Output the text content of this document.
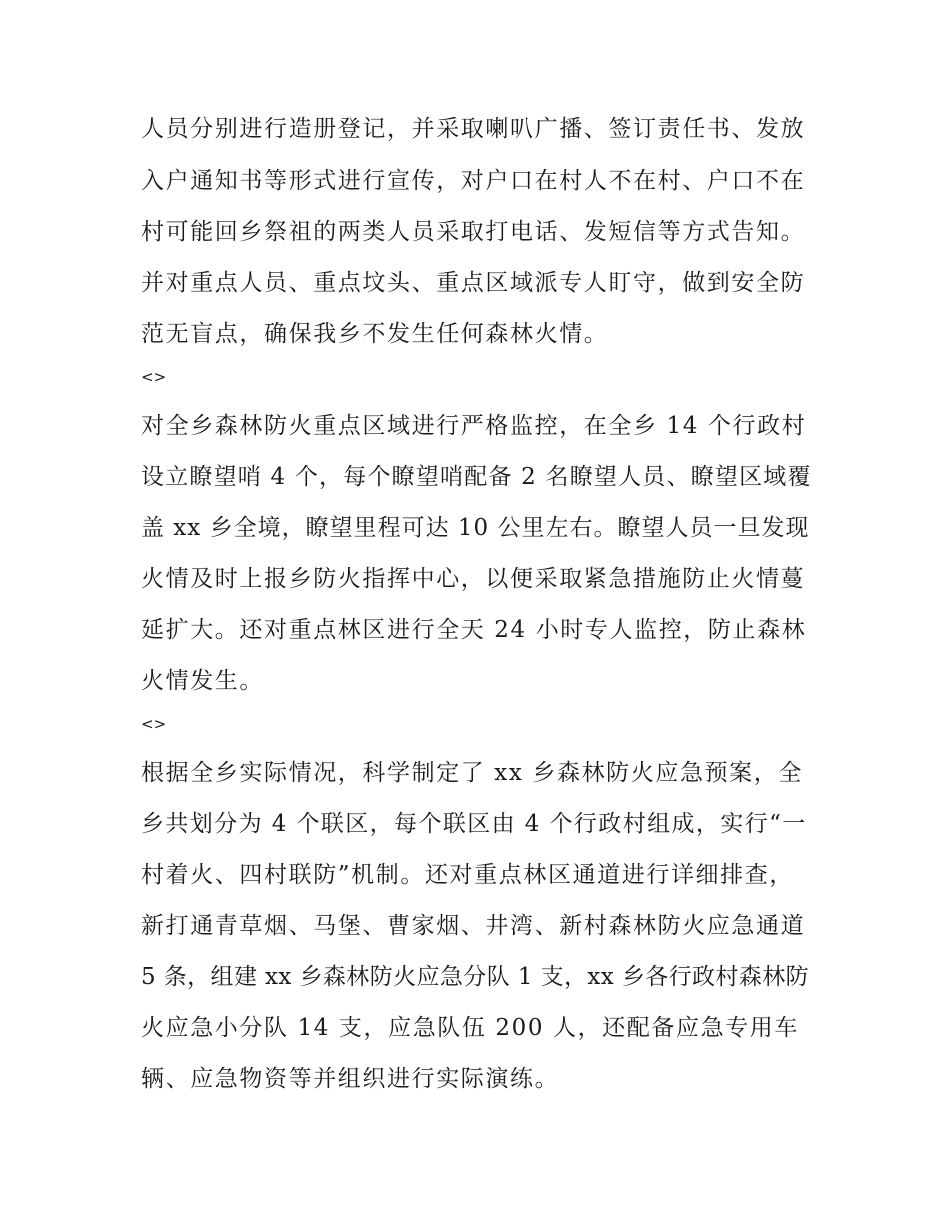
人员分别进行造册登记，并采取喇叭广播、签订责任书、发放

入户通知书等形式进行宣传，对户口在村人不在村、户口不在

村可能回乡祭祖的两类人员采取打电话、发短信等方式告知。

并对重点人员、重点坟头、重点区域派专人盯守，做到安全防

范无盲点，确保我乡不发生任何森林火情。

<>

对全乡森林防火重点区域进行严格监控，在全乡 14 个行政村

设立瞭望哨 4 个，每个瞭望哨配备 2 名瞭望人员、瞭望区域覆

盖 xx 乡全境，瞭望里程可达 10 公里左右。瞭望人员一旦发现

火情及时上报乡防火指挥中心，以便采取紧急措施防止火情蔓

延扩大。还对重点林区进行全天 24 小时专人监控，防止森林

火情发生。

<>

根据全乡实际情况，科学制定了 xx 乡森林防火应急预案，全

乡共划分为 4 个联区，每个联区由 4 个行政村组成，实行“一

村着火、四村联防”机制。还对重点林区通道进行详细排查，

新打通青草烟、马堡、曹家烟、井湾、新村森林防火应急通道

5 条，组建 xx 乡森林防火应急分队 1 支，xx 乡各行政村森林防

火应急小分队 14 支，应急队伍 200 人，还配备应急专用车

辆、应急物资等并组织进行实际演练。
